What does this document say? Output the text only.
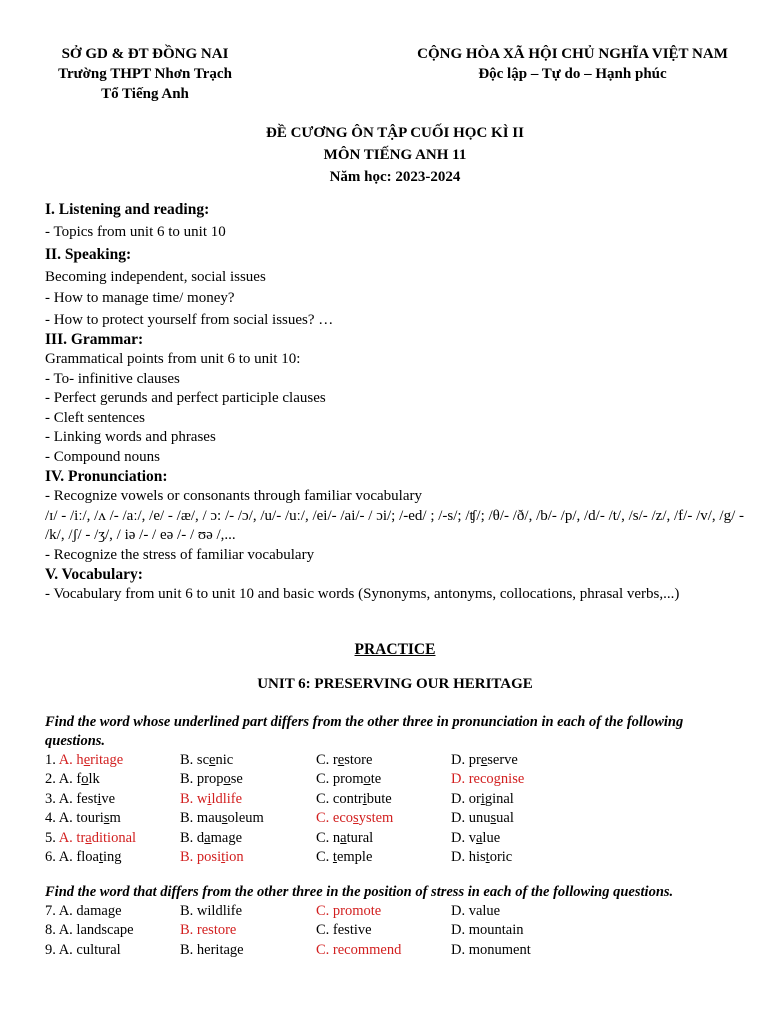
SỞ GD & ĐT ĐỒNG NAI
Trường THPT Nhơn Trạch
Tổ Tiếng Anh
CỘNG HÒA XÃ HỘI CHỦ NGHĨA VIỆT NAM
Độc lập – Tự do – Hạnh phúc
ĐỀ CƯƠNG ÔN TẬP CUỐI HỌC KÌ II
MÔN TIẾNG ANH 11
Năm học: 2023-2024
I. Listening and reading:
- Topics from unit 6 to unit 10
II. Speaking:
Becoming independent, social issues
- How to manage time/ money?
- How to protect yourself from social issues? …
III. Grammar:
Grammatical points from unit 6 to unit 10:
- To- infinitive clauses
- Perfect gerunds and perfect participle clauses
- Cleft sentences
- Linking words and phrases
- Compound nouns
IV. Pronunciation:
- Recognize vowels or consonants through familiar vocabulary
/ɪ/ - /iː/, /ʌ /- /aː/, /e/ - /æ/, / ɔ: /- /ɔ/, /u/- /uː/, /ei/- /ai/- / ɔi/; /-ed/ ; /-s/; /ʧ/; /θ/- /ð/, /b/- /p/, /d/- /t/, /s/- /z/, /f/- /v/, /g/ - /k/, /ʃ/ - /ʒ/, / iə /- / eə /- / ʊə /,...
- Recognize the stress of familiar vocabulary
V. Vocabulary:
- Vocabulary from unit 6 to unit 10 and basic words (Synonyms, antonyms, collocations, phrasal verbs,...)
PRACTICE
UNIT 6: PRESERVING OUR HERITAGE
Find the word whose underlined part differs from the other three in pronunciation in each of the following questions.
1. A. heritage	B. scenic	C. restore	D. preserve
2. A. folk	B. propose	C. promote	D. recognise
3. A. festive	B. wildlife	C. contribute	D. original
4. A. tourism	B. mausoleum	C. ecosystem	D. unusual
5. A. traditional	B. damage	C. natural	D. value
6. A. floating	B. position	C. temple	D. historic
Find the word that differs from the other three in the position of stress in each of the following questions.
7. A. damage	B. wildlife	C. promote	D. value
8. A. landscape	B. restore	C. festive	D. mountain
9. A. cultural	B. heritage	C. recommend	D. monument
